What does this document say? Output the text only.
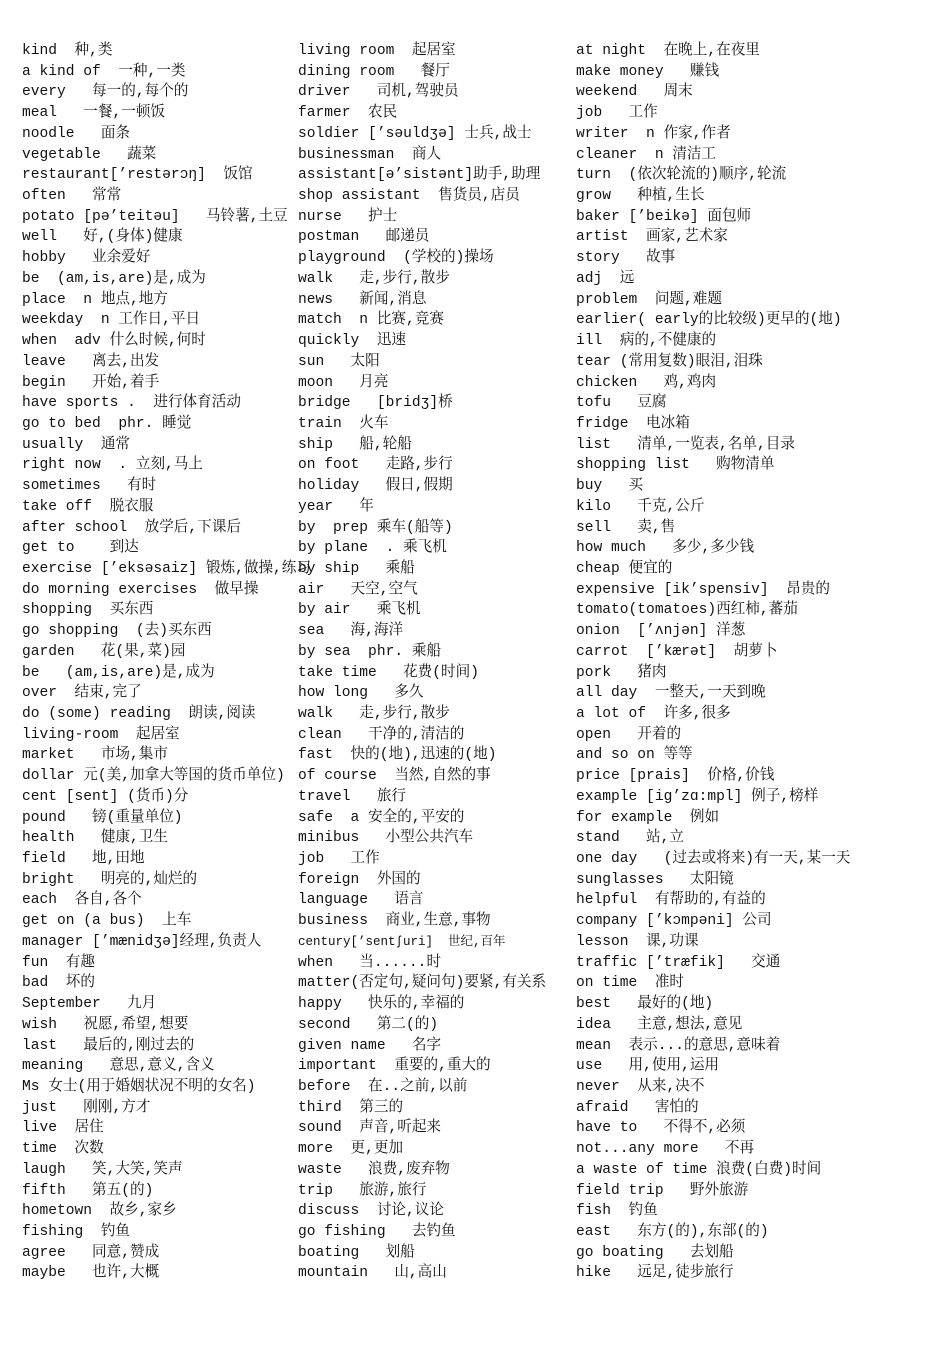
kind  种,类
a kind of  一种,一类
every   每一的,每个的
meal   一餐,一顿饭
noodle   面条
vegetable   蔬菜
restaurant[’restərɔŋ]  饭馆
often   常常
potato [pə’teitəu]   马铃薯,土豆
well   好,(身体)健康
hobby   业余爱好
be  (am,is,are)是,成为
place  n 地点,地方
weekday  n 工作日,平日
when  adv 什么时候,何时
leave   离去,出发
begin   开始,着手
have sports .  进行体育活动
go to bed  phr. 睡觉
usually  通常
right now  . 立刻,马上
sometimes   有时
take off  脱衣服
after school  放学后,下课后
get to    到达
exercise [’eksəsaiz] 锻炼,做操,练习
do morning exercises  做早操
shopping  买东西
go shopping  (去)买东西
garden   花(果,菜)园
be   (am,is,are)是,成为
over  结束,完了
do (some) reading  朗读,阅读
living-room  起居室
market   市场,集市
dollar 元(美,加拿大等国的货币单位)
cent [sent] (货币)分
pound   镑(重量单位)
health   健康,卫生
field   地,田地
bright   明亮的,灿烂的
each  各自,各个
get on (a bus)  上车
manager [’mænidʒə]经理,负责人
fun  有趣
bad  坏的
September   九月
wish   祝愿,希望,想要
last   最后的,刚过去的
meaning   意思,意义,含义
Ms 女士(用于婚姻状况不明的女名)
just   刚刚,方才
live  居住
time  次数
laugh   笑,大笑,笑声
fifth   第五(的)
hometown  故乡,家乡
fishing  钓鱼
agree   同意,赞成
maybe   也许,大概
living room  起居室
dining room   餐厅
driver   司机,驾驶员
farmer  农民
soldier [’səuldʒə] 士兵,战士
businessman  商人
assistant[ə’sistənt]助手,助理
shop assistant  售货员,店员
nurse   护士
postman   邮递员
playground  (学校的)操场
walk   走,步行,散步
news   新闻,消息
match  n 比赛,竞赛
quickly  迅速
sun   太阳
moon   月亮
bridge   [bridʒ]桥
train  火车
ship   船,轮船
on foot   走路,步行
holiday   假日,假期
year   年
by  prep 乘车(船等)
by plane  . 乘飞机
by ship   乘船
air   天空,空气
by air   乘飞机
sea   海,海洋
by sea  phr. 乘船
take time   花费(时间)
how long   多久
walk   走,步行,散步
clean   干净的,清洁的
fast  快的(地),迅速的(地)
of course  当然,自然的事
travel   旅行
safe  a 安全的,平安的
minibus   小型公共汽车
job   工作
foreign  外国的
language   语言
business  商业,生意,事物
century[’sentʃuri]  世纪,百年
when   当......时
matter(否定句,疑问句)要紧,有关系
happy   快乐的,幸福的
second   第二(的)
given name   名字
important  重要的,重大的
before  在..之前,以前
third  第三的
sound  声音,听起来
more  更,更加
waste   浪费,废弃物
trip   旅游,旅行
discuss  讨论,议论
go fishing   去钓鱼
boating   划船
mountain   山,高山
at night  在晚上,在夜里
make money   赚钱
weekend   周末
job   工作
writer  n 作家,作者
cleaner  n 清洁工
turn  (依次轮流的)顺序,轮流
grow   种植,生长
baker [’beikə] 面包师
artist  画家,艺术家
story   故事
adj  远
problem  问题,难题
earlier( early的比较级)更早的(地)
ill  病的,不健康的
tear (常用复数)眼泪,泪珠
chicken   鸡,鸡肉
tofu   豆腐
fridge  电冰箱
list   清单,一览表,名单,目录
shopping list   购物清单
buy   买
kilo   千克,公斤
sell   卖,售
how much   多少,多少钱
cheap 便宜的
expensive [ik’spensiv]  昂贵的
tomato(tomatoes)西红柿,蕃茄
onion  [’ʌnjən] 洋葱
carrot  [’kærət]  胡萝卜
pork   猪肉
all day  一整天,一天到晚
a lot of  许多,很多
open   开着的
and so on 等等
price [prais]  价格,价钱
example [ig’zɑ:mpl] 例子,榜样
for example  例如
stand   站,立
one day   (过去或将来)有一天,某一天
sunglasses   太阳镜
helpful  有帮助的,有益的
company [’kɔmpəni] 公司
lesson  课,功课
traffic [’træfik]   交通
on time  准时
best   最好的(地)
idea   主意,想法,意见
mean  表示...的意思,意味着
use   用,使用,运用
never  从来,决不
afraid   害怕的
have to   不得不,必须
not...any more   不再
a waste of time 浪费(白费)时间
field trip   野外旅游
fish  钓鱼
east   东方(的),东部(的)
go boating   去划船
hike   远足,徒步旅行
